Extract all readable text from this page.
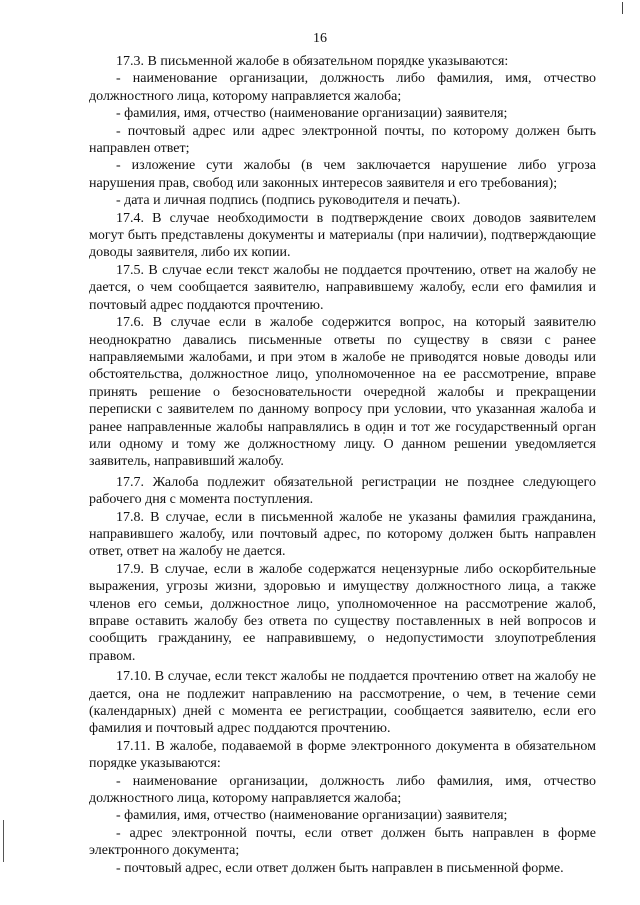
16

17.3. В письменной жалобе в обязательном порядке указываются:

- наименование организации, должность либо фамилия, имя, отчество должностного лица, которому направляется жалоба;

- фамилия, имя, отчество (наименование организации) заявителя;

- почтовый адрес или адрес электронной почты, по которому должен быть направлен ответ;

- изложение сути жалобы (в чем заключается нарушение либо угроза нарушения прав, свобод или законных интересов заявителя и его требования);

- дата и личная подпись (подпись руководителя и печать).

17.4. В случае необходимости в подтверждение своих доводов заявителем могут быть представлены документы и материалы (при наличии), подтверждающие доводы заявителя, либо их копии.

17.5. В случае если текст жалобы не поддается прочтению, ответ на жалобу не дается, о чем сообщается заявителю, направившему жалобу, если его фамилия и почтовый адрес поддаются прочтению.

17.6. В случае если в жалобе содержится вопрос, на который заявителю неоднократно давались письменные ответы по существу в связи с ранее направляемыми жалобами, и при этом в жалобе не приводятся новые доводы или обстоятельства, должностное лицо, уполномоченное на ее рассмотрение, вправе принять решение о безосновательности очередной жалобы и прекращении переписки с заявителем по данному вопросу при условии, что указанная жалоба и ранее направленные жалобы направлялись в один и тот же государственный орган или одному и тому же должностному лицу. О данном решении уведомляется заявитель, направивший жалобу.

17.7. Жалоба подлежит обязательной регистрации не позднее следующего рабочего дня с момента поступления.

17.8. В случае, если в письменной жалобе не указаны фамилия гражданина, направившего жалобу, или почтовый адрес, по которому должен быть направлен ответ, ответ на жалобу не дается.

17.9. В случае, если в жалобе содержатся нецензурные либо оскорбительные выражения, угрозы жизни, здоровью и имуществу должностного лица, а также членов его семьи, должностное лицо, уполномоченное на рассмотрение жалоб, вправе оставить жалобу без ответа по существу поставленных в ней вопросов и сообщить гражданину, ее направившему, о недопустимости злоупотребления правом.

17.10. В случае, если текст жалобы не поддается прочтению ответ на жалобу не дается, она не подлежит направлению на рассмотрение, о чем, в течение семи (календарных) дней с момента ее регистрации, сообщается заявителю, если его фамилия и почтовый адрес поддаются прочтению.

17.11. В жалобе, подаваемой в форме электронного документа в обязательном порядке указываются:

- наименование организации, должность либо фамилия, имя, отчество должностного лица, которому направляется жалоба;

- фамилия, имя, отчество (наименование организации) заявителя;

- адрес электронной почты, если ответ должен быть направлен в форме электронного документа;

- почтовый адрес, если ответ должен быть направлен в письменной форме.
